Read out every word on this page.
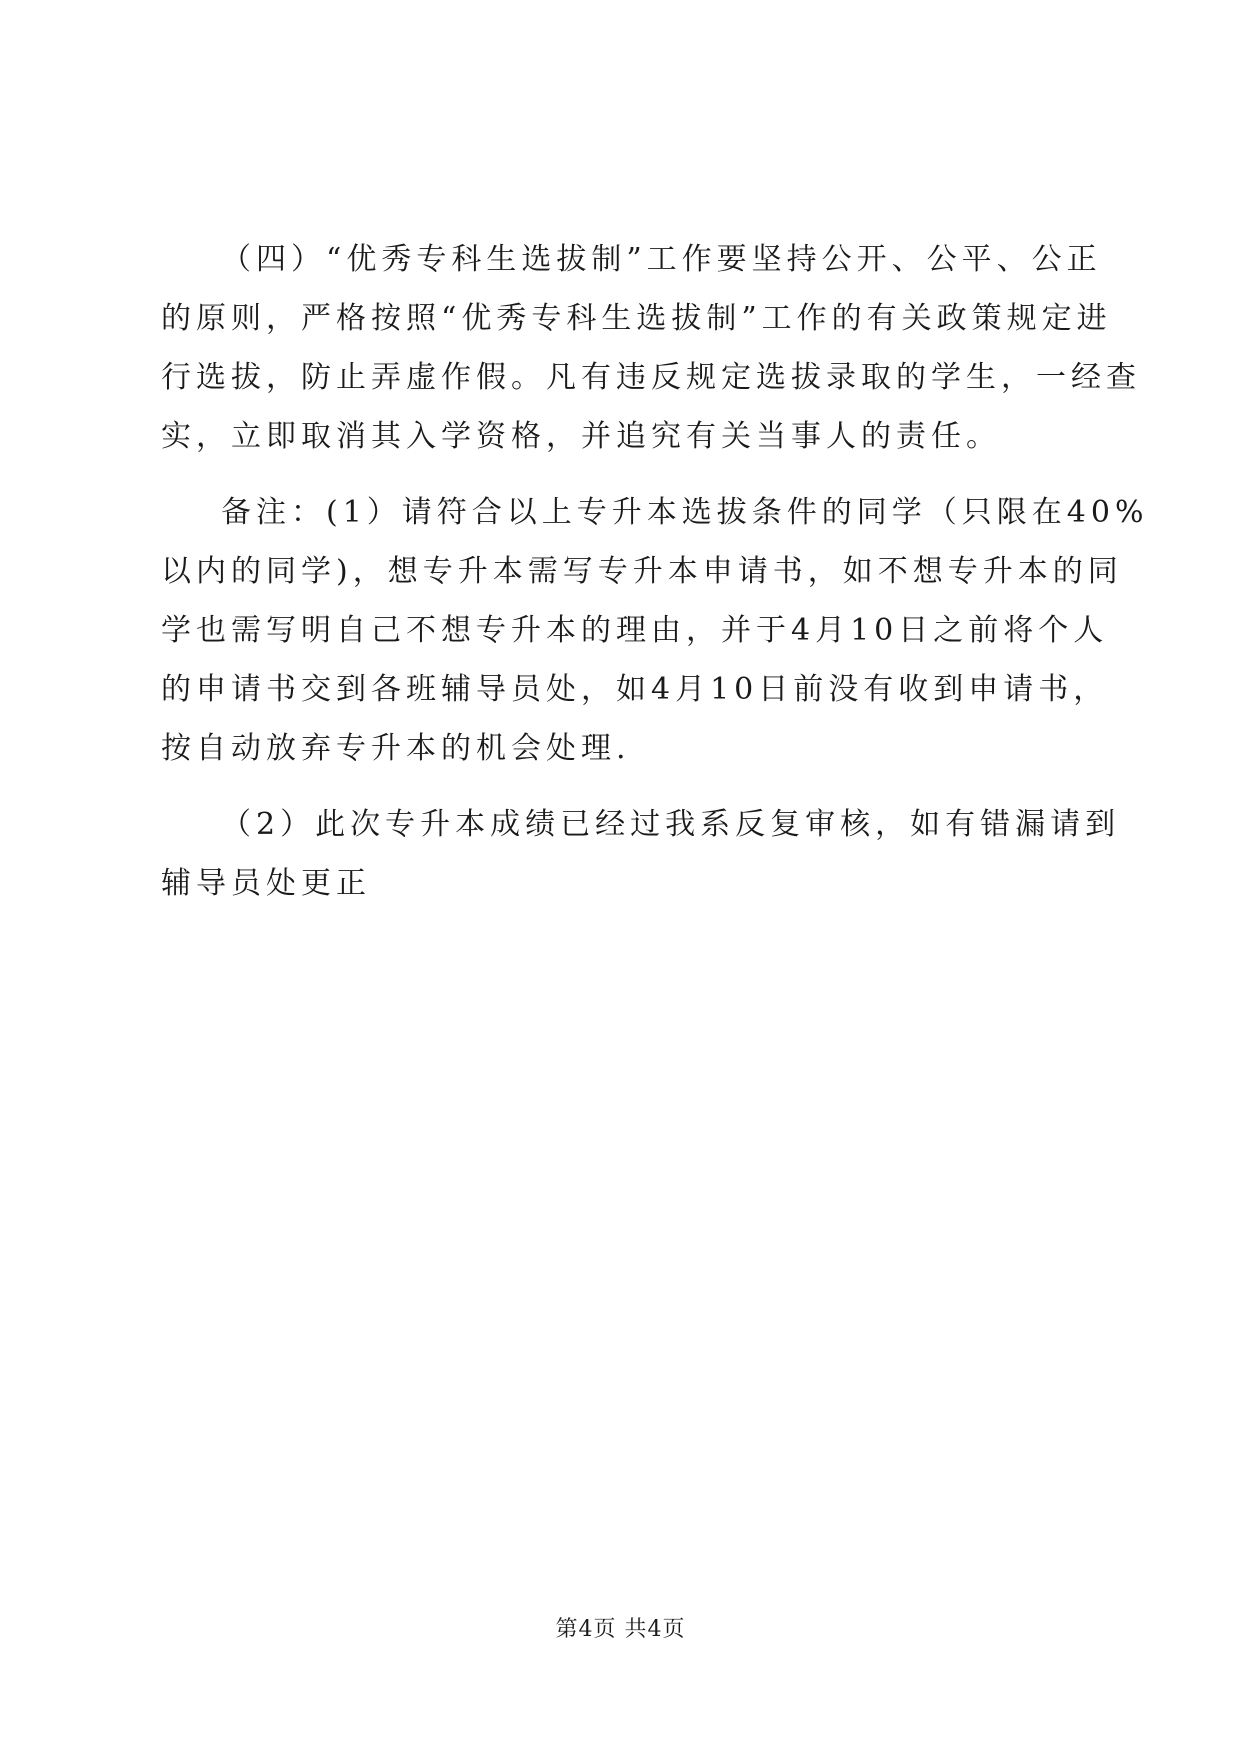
（四）“优秀专科生选拔制”工作要坚持公开、公平、公正
的原则，严格按照“优秀专科生选拔制”工作的有关政策规定进
行选拔，防止弄虚作假。凡有违反规定选拔录取的学生，一经查
实，立即取消其入学资格，并追究有关当事人的责任。
备注：(1）请符合以上专升本选拔条件的同学（只限在40%
以内的同学)，想专升本需写专升本申请书，如不想专升本的同
学也需写明自己不想专升本的理由，并于4月10日之前将个人
的申请书交到各班辅导员处，如4月10日前没有收到申请书，
按自动放弃专升本的机会处理.
（2）此次专升本成绩已经过我系反复审核，如有错漏请到
辅导员处更正
第4页 共4页
